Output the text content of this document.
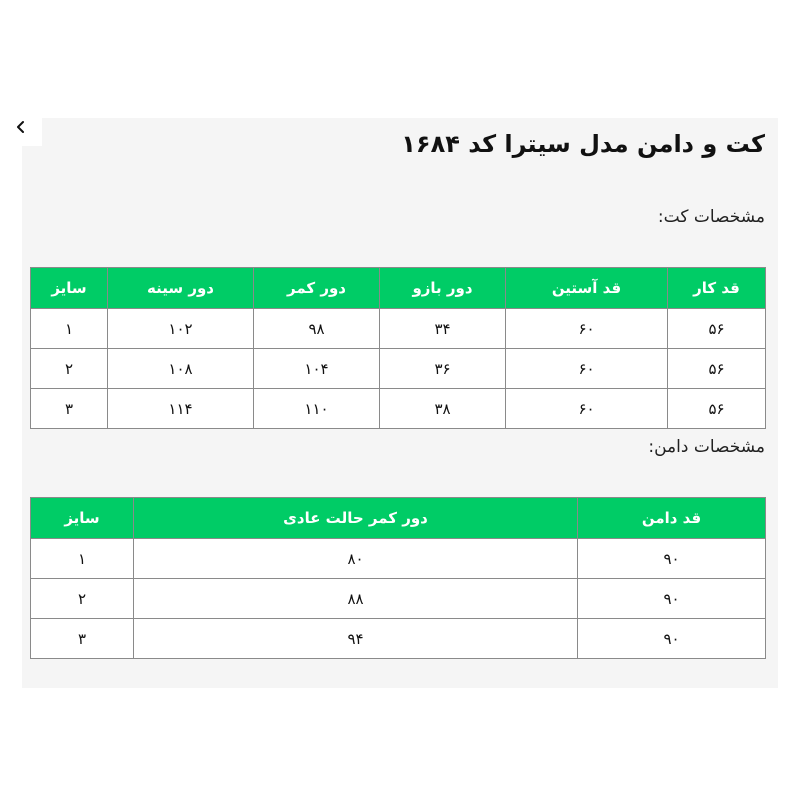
کت و دامن مدل سیترا کد ۱۶۸۴
مشخصات کت:
قد کار	قد آستین	دور بازو	دور کمر	دور سینه	سایز
۵۶	۶۰	۳۴	۹۸	۱۰۲	۱
۵۶	۶۰	۳۶	۱۰۴	۱۰۸	۲
۵۶	۶۰	۳۸	۱۱۰	۱۱۴	۳
مشخصات دامن:
قد دامن	دور کمر حالت عادی	سایز
۹۰	۸۰	۱
۹۰	۸۸	۲
۹۰	۹۴	۳
